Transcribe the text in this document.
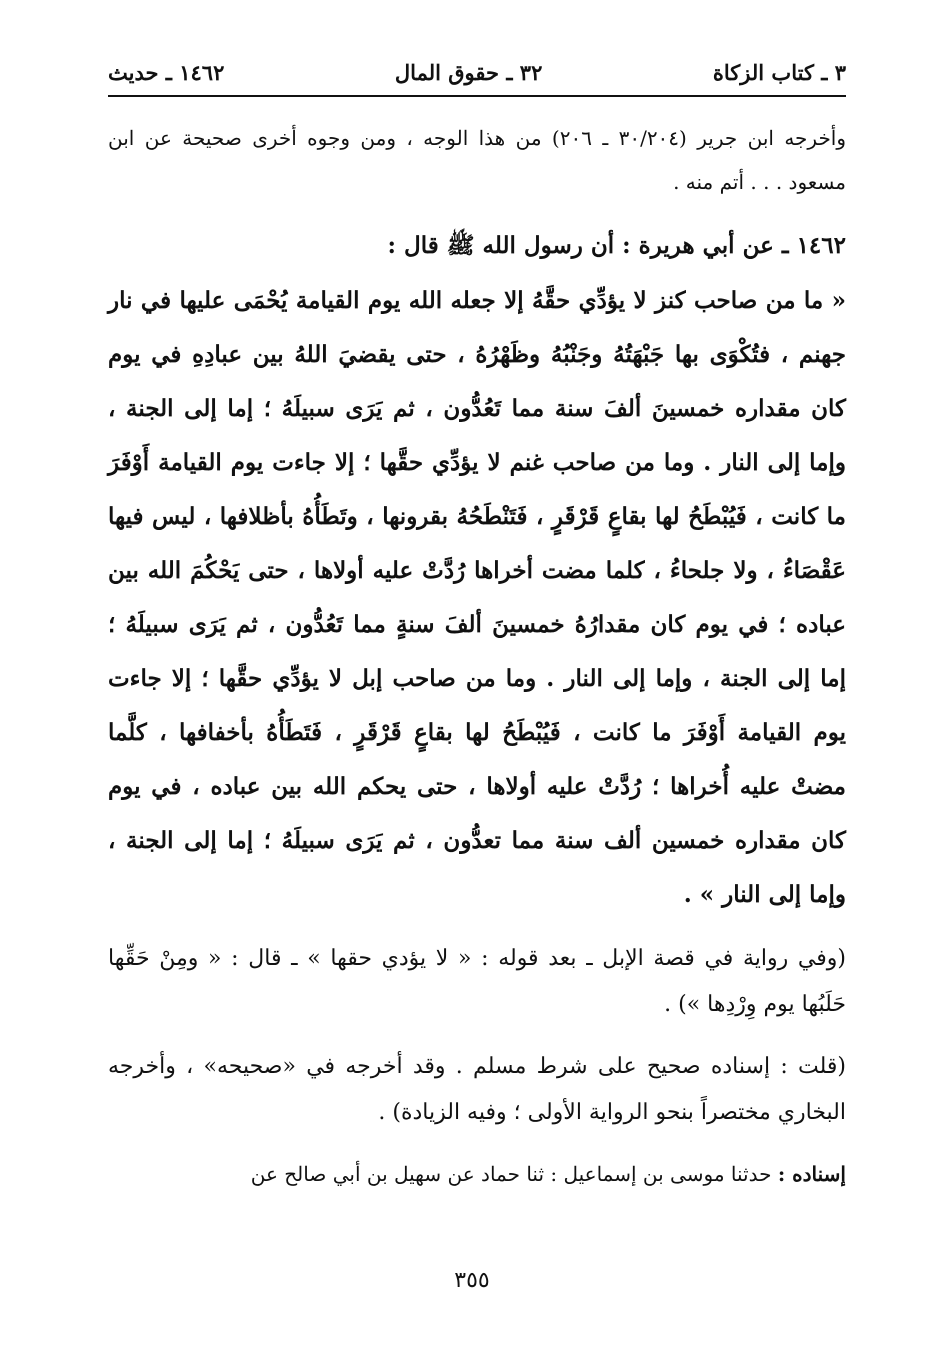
٣ ـ كتاب الزكاة
٣٢ ـ حقوق المال
١٤٦٢ ـ حديث

وأخرجه ابن جرير (٣٠/٢٠٤ ـ ٢٠٦) من هذا الوجه ، ومن وجوه أخرى صحيحة عن ابن مسعود . . . أتم منه .

١٤٦٢ ـ عن أبي هريرة : أن رسول الله ﷺ قال :

« ما من صاحب كنز لا يؤدِّي حقَّهُ إلا جعله الله يوم القيامة يُحْمَى عليها في نار جهنم ، فتُكْوَى بها جَبْهَتُهُ وجَنْبُهُ وظَهْرُهُ ، حتى يقضيَ اللهُ بين عبادِهِ في يوم كان مقداره خمسينَ ألفَ سنة مما تَعُدُّون ، ثم يَرَى سبيلَهُ ؛ إما إلى الجنة ، وإما إلى النار . وما من صاحب غنم لا يؤدِّي حقَّها ؛ إلا جاءت يوم القيامة أَوْفَرَ ما كانت ، فَيُبْطَحُ لها بقاعٍ قَرْقَرٍ ، فَتَنْطَحُهُ بقرونها ، وتَطَأُهُ بأظلافها ، ليس فيها عَقْصَاءُ ، ولا جلحاءُ ، كلما مضت أخراها رُدَّتْ عليه أولاها ، حتى يَحْكُمَ الله بين عباده ؛ في يوم كان مقدارُهُ خمسينَ ألفَ سنةٍ مما تَعُدُّون ، ثم يَرَى سبيلَهُ ؛ إما إلى الجنة ، وإما إلى النار . وما من صاحب إبل لا يؤدِّي حقَّها ؛ إلا جاءت يوم القيامة أَوْفَرَ ما كانت ، فَيُبْطَحُ لها بقاعٍ قَرْقَرٍ ، فَتَطَأُهُ بأخفافها ، كلَّما مضتْ عليه أُخراها ؛ رُدَّتْ عليه أولاها ، حتى يحكم الله بين عباده ، في يوم كان مقداره خمسين ألف سنة مما تعدُّون ، ثم يَرَى سبيلَهُ ؛ إما إلى الجنة ، وإما إلى النار » .

(وفي رواية في قصة الإبل ـ بعد قوله : « لا يؤدي حقها » ـ قال : « ومِنْ حَقِّها حَلَبُها يوم وِرْدِها ») .

(قلت : إسناده صحيح على شرط مسلم . وقد أخرجه في «صحيحه» ، وأخرجه البخاري مختصراً بنحو الرواية الأولى ؛ وفيه الزيادة) .

إسناده : حدثنا موسى بن إسماعيل : ثنا حماد عن سهيل بن أبي صالح عن

٣٥٥
